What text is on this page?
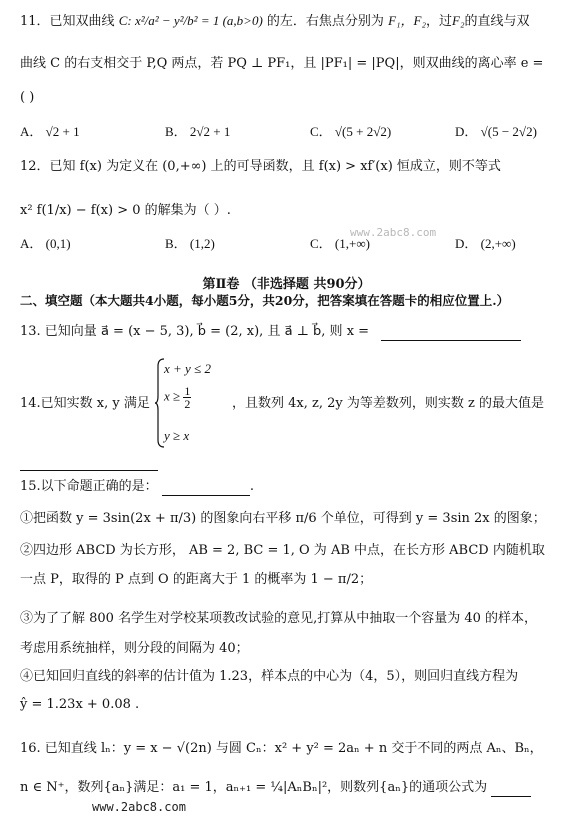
11．已知双曲线 C: x²/a² − y²/b² = 1 (a,b>0) 的左．右焦点分别为 F₁，F₂，过F₂的直线与双
曲线 C 的右支相交于 P,Q 两点，若 PQ ⊥ PF₁，且 |PF₁| = |PQ|，则双曲线的离心率 e =
( )
A． √2 + 1	B． 2√2 + 1	C． √(5 + 2√2)	D． √(5 − 2√2)
12．已知 f(x) 为定义在 (0,+∞) 上的可导函数，且 f(x) > xf′(x) 恒成立，则不等式
x² f(1/x) − f(x) > 0 的解集为（ ）.
A． (0,1)	B． (1,2)	C． (1,+∞)	D． (2,+∞)
www.2abc8.com
第Ⅱ卷 （非选择题 共90分）
二、填空题（本大题共4小题，每小题5分，共20分，把答案填在答题卡的相应位置上.）
13. 已知向量 a⃗ = (x − 5, 3), b⃗ = (2, x), 且 a⃗ ⊥ b⃗, 则 x =
14.已知实数 x, y 满足
x + y ≤ 2
$x \ge \frac{1}{2}$
y ≥ x
，且数列 4x, z, 2y 为等差数列，则实数 z 的最大值是
15.以下命题正确的是：	.
①把函数 y = 3sin(2x + π/3) 的图象向右平移 π/6 个单位，可得到 y = 3sin 2x 的图象；
②四边形 ABCD 为长方形， AB = 2, BC = 1, O 为 AB 中点，在长方形 ABCD 内随机取
一点 P，取得的 P 点到 O 的距离大于 1 的概率为 1 − π/2；
③为了了解 800 名学生对学校某项教改试验的意见,打算从中抽取一个容量为 40 的样本，
考虑用系统抽样，则分段的间隔为 40；
④已知回归直线的斜率的估计值为 1.23，样本点的中心为（4，5），则回归直线方程为
ŷ = 1.23x + 0.08 .
16. 已知直线 lₙ：y = x − √(2n) 与圆 Cₙ：x² + y² = 2aₙ + n 交于不同的两点 Aₙ、Bₙ，
n ∈ N⁺，数列{aₙ}满足：a₁ = 1，aₙ₊₁ = ¼|AₙBₙ|²，则数列{aₙ}的通项公式为
www.2abc8.com
